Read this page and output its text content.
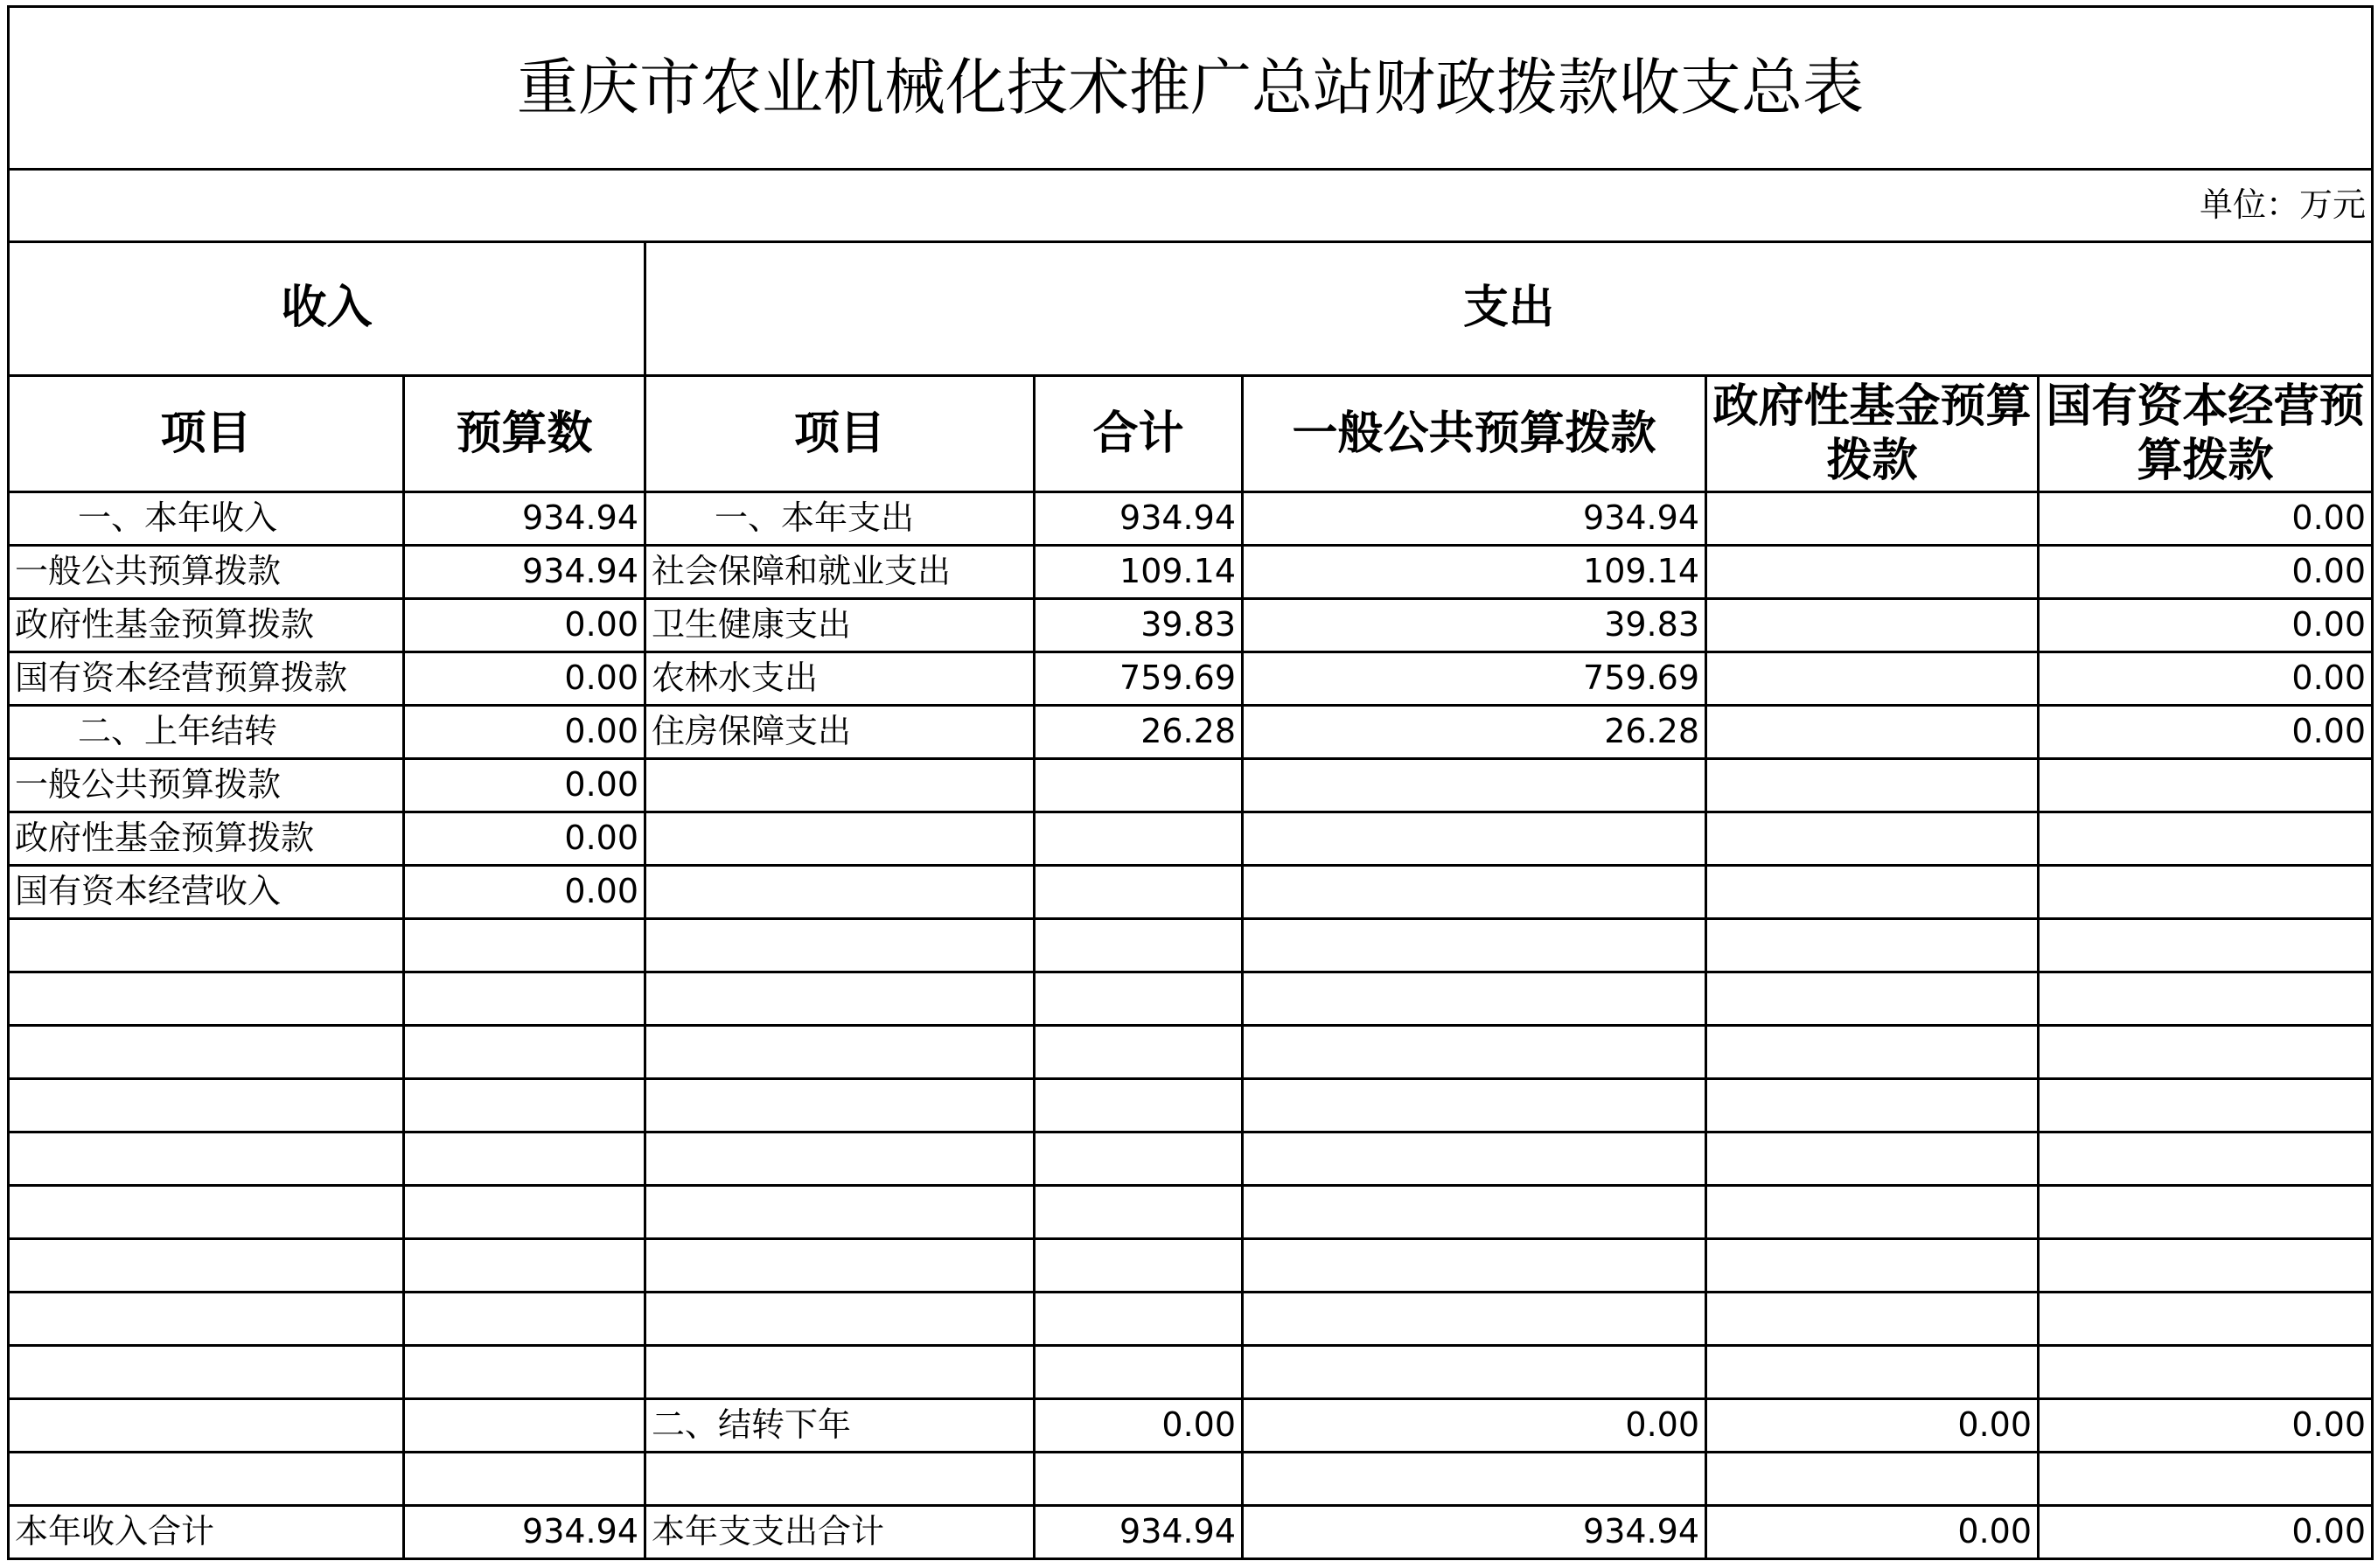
重庆市农业机械化技术推广总站财政拨款收支总表						
单位：万元						
收入		支出				
项目	预算数	项目	合计	一般公共预算拨款	政府性基金预算拨款	国有资本经营预算拨款
一、本年收入	934.94	一、本年支出	934.94	934.94		0.00
一般公共预算拨款	934.94	社会保障和就业支出	109.14	109.14		0.00
政府性基金预算拨款	0.00	卫生健康支出	39.83	39.83		0.00
国有资本经营预算拨款	0.00	农林水支出	759.69	759.69		0.00
二、上年结转	0.00	住房保障支出	26.28	26.28		0.00
一般公共预算拨款	0.00					
政府性基金预算拨款	0.00					
国有资本经营收入	0.00					

		二、结转下年	0.00	0.00	0.00	0.00

本年收入合计	934.94	本年支支出合计	934.94	934.94	0.00	0.00
